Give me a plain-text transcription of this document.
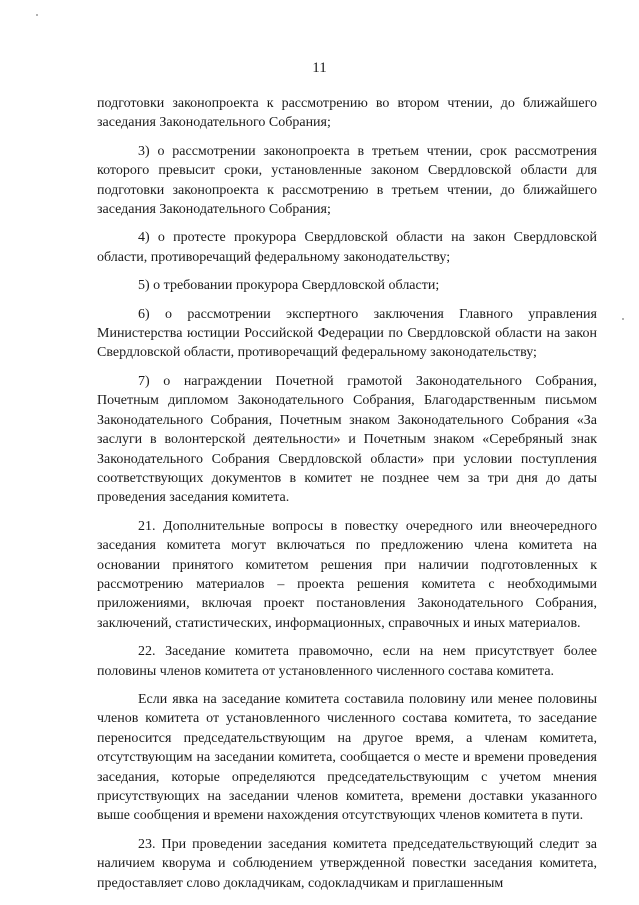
11

подготовки законопроекта к рассмотрению во втором чтении, до ближайшего заседания Законодательного Собрания;

3) о рассмотрении законопроекта в третьем чтении, срок рассмотрения которого превысит сроки, установленные законом Свердловской области для подготовки законопроекта к рассмотрению в третьем чтении, до ближайшего заседания Законодательного Собрания;

4) о протесте прокурора Свердловской области на закон Свердловской области, противоречащий федеральному законодательству;

5) о требовании прокурора Свердловской области;

6) о рассмотрении экспертного заключения Главного управления Министерства юстиции Российской Федерации по Свердловской области на закон Свердловской области, противоречащий федеральному законодательству;

7) о награждении Почетной грамотой Законодательного Собрания, Почетным дипломом Законодательного Собрания, Благодарственным письмом Законодательного Собрания, Почетным знаком Законодательного Собрания «За заслуги в волонтерской деятельности» и Почетным знаком «Серебряный знак Законодательного Собрания Свердловской области» при условии поступления соответствующих документов в комитет не позднее чем за три дня до даты проведения заседания комитета.

21. Дополнительные вопросы в повестку очередного или внеочередного заседания комитета могут включаться по предложению члена комитета на основании принятого комитетом решения при наличии подготовленных к рассмотрению материалов – проекта решения комитета с необходимыми приложениями, включая проект постановления Законодательного Собрания, заключений, статистических, информационных, справочных и иных материалов.

22. Заседание комитета правомочно, если на нем присутствует более половины членов комитета от установленного численного состава комитета.

Если явка на заседание комитета составила половину или менее половины членов комитета от установленного численного состава комитета, то заседание переносится председательствующим на другое время, а членам комитета, отсутствующим на заседании комитета, сообщается о месте и времени проведения заседания, которые определяются председательствующим с учетом мнения присутствующих на заседании членов комитета, времени доставки указанного выше сообщения и времени нахождения отсутствующих членов комитета в пути.

23. При проведении заседания комитета председательствующий следит за наличием кворума и соблюдением утвержденной повестки заседания комитета, предоставляет слово докладчикам, содокладчикам и приглашенным
